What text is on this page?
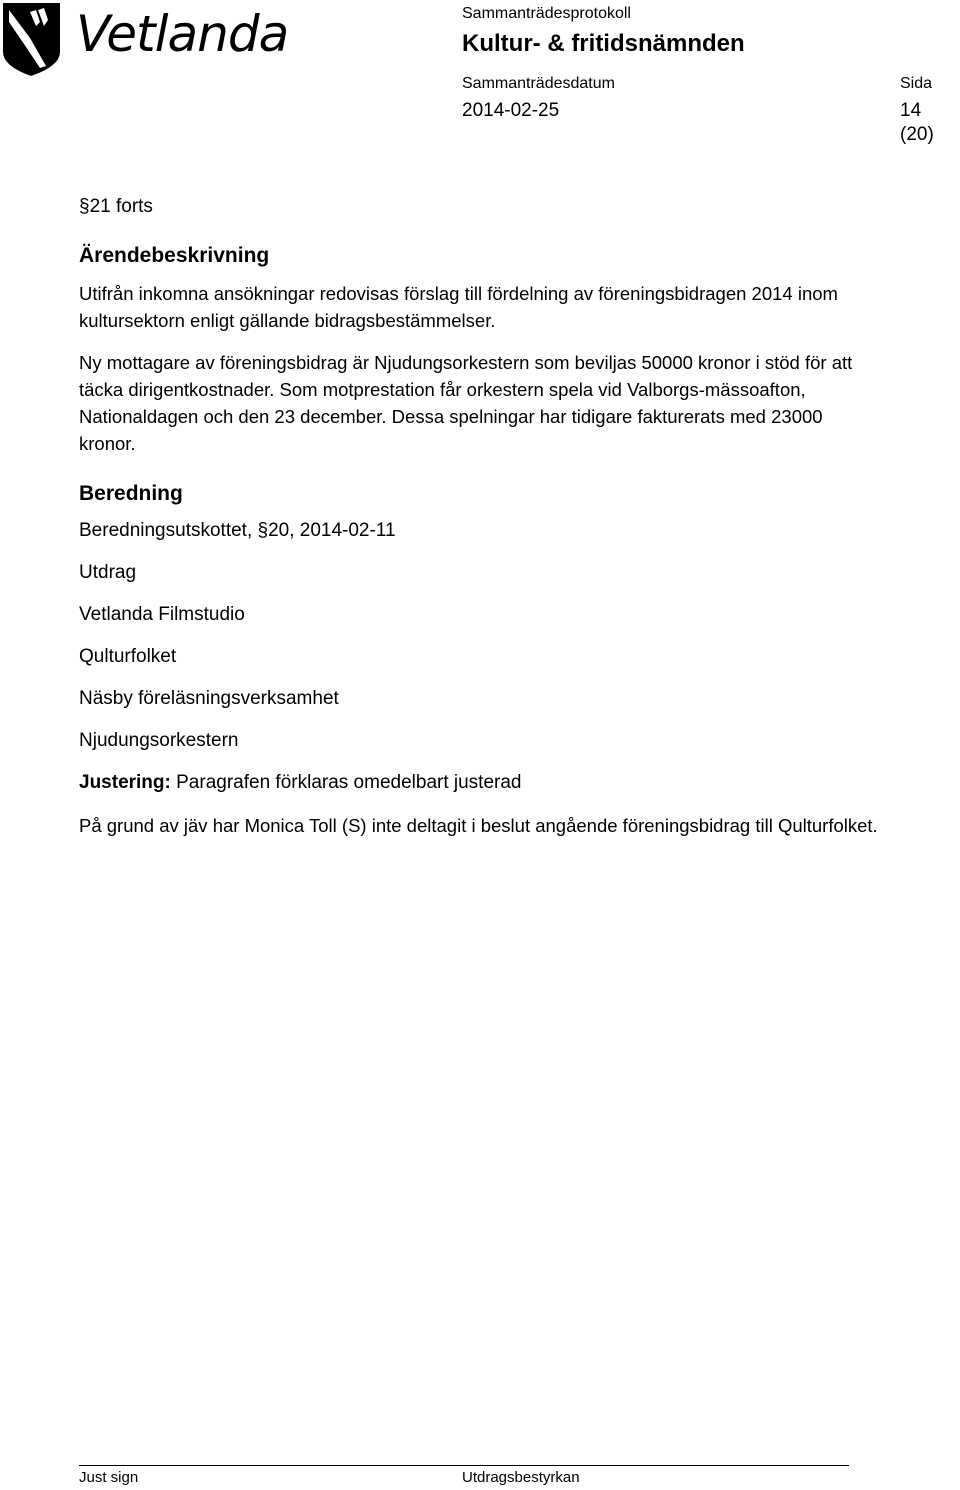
Vetlanda	Sammanträdesprotokoll
Kultur- & fritidsnämnden
Sammanträdesdatum
2014-02-25
Sida
14 (20)

§21 forts

Ärendebeskrivning

Utifrån inkomna ansökningar redovisas förslag till fördelning av föreningsbidragen 2014 inom kultursektorn enligt gällande bidragsbestämmelser.

Ny mottagare av föreningsbidrag är Njudungsorkestern som beviljas 50000 kronor i stöd för att täcka dirigentkostnader. Som motprestation får orkestern spela vid Valborgs-mässoafton, Nationaldagen och den 23 december. Dessa spelningar har tidigare fakturerats med 23000 kronor.

Beredning

Beredningsutskottet, §20, 2014-02-11

Utdrag

Vetlanda Filmstudio

Qulturfolket

Näsby föreläsningsverksamhet

Njudungsorkestern

Justering: Paragrafen förklaras omedelbart justerad

På grund av jäv har Monica Toll (S) inte deltagit i beslut angående föreningsbidrag till Qulturfolket.

Just sign	Utdragsbestyrkan
